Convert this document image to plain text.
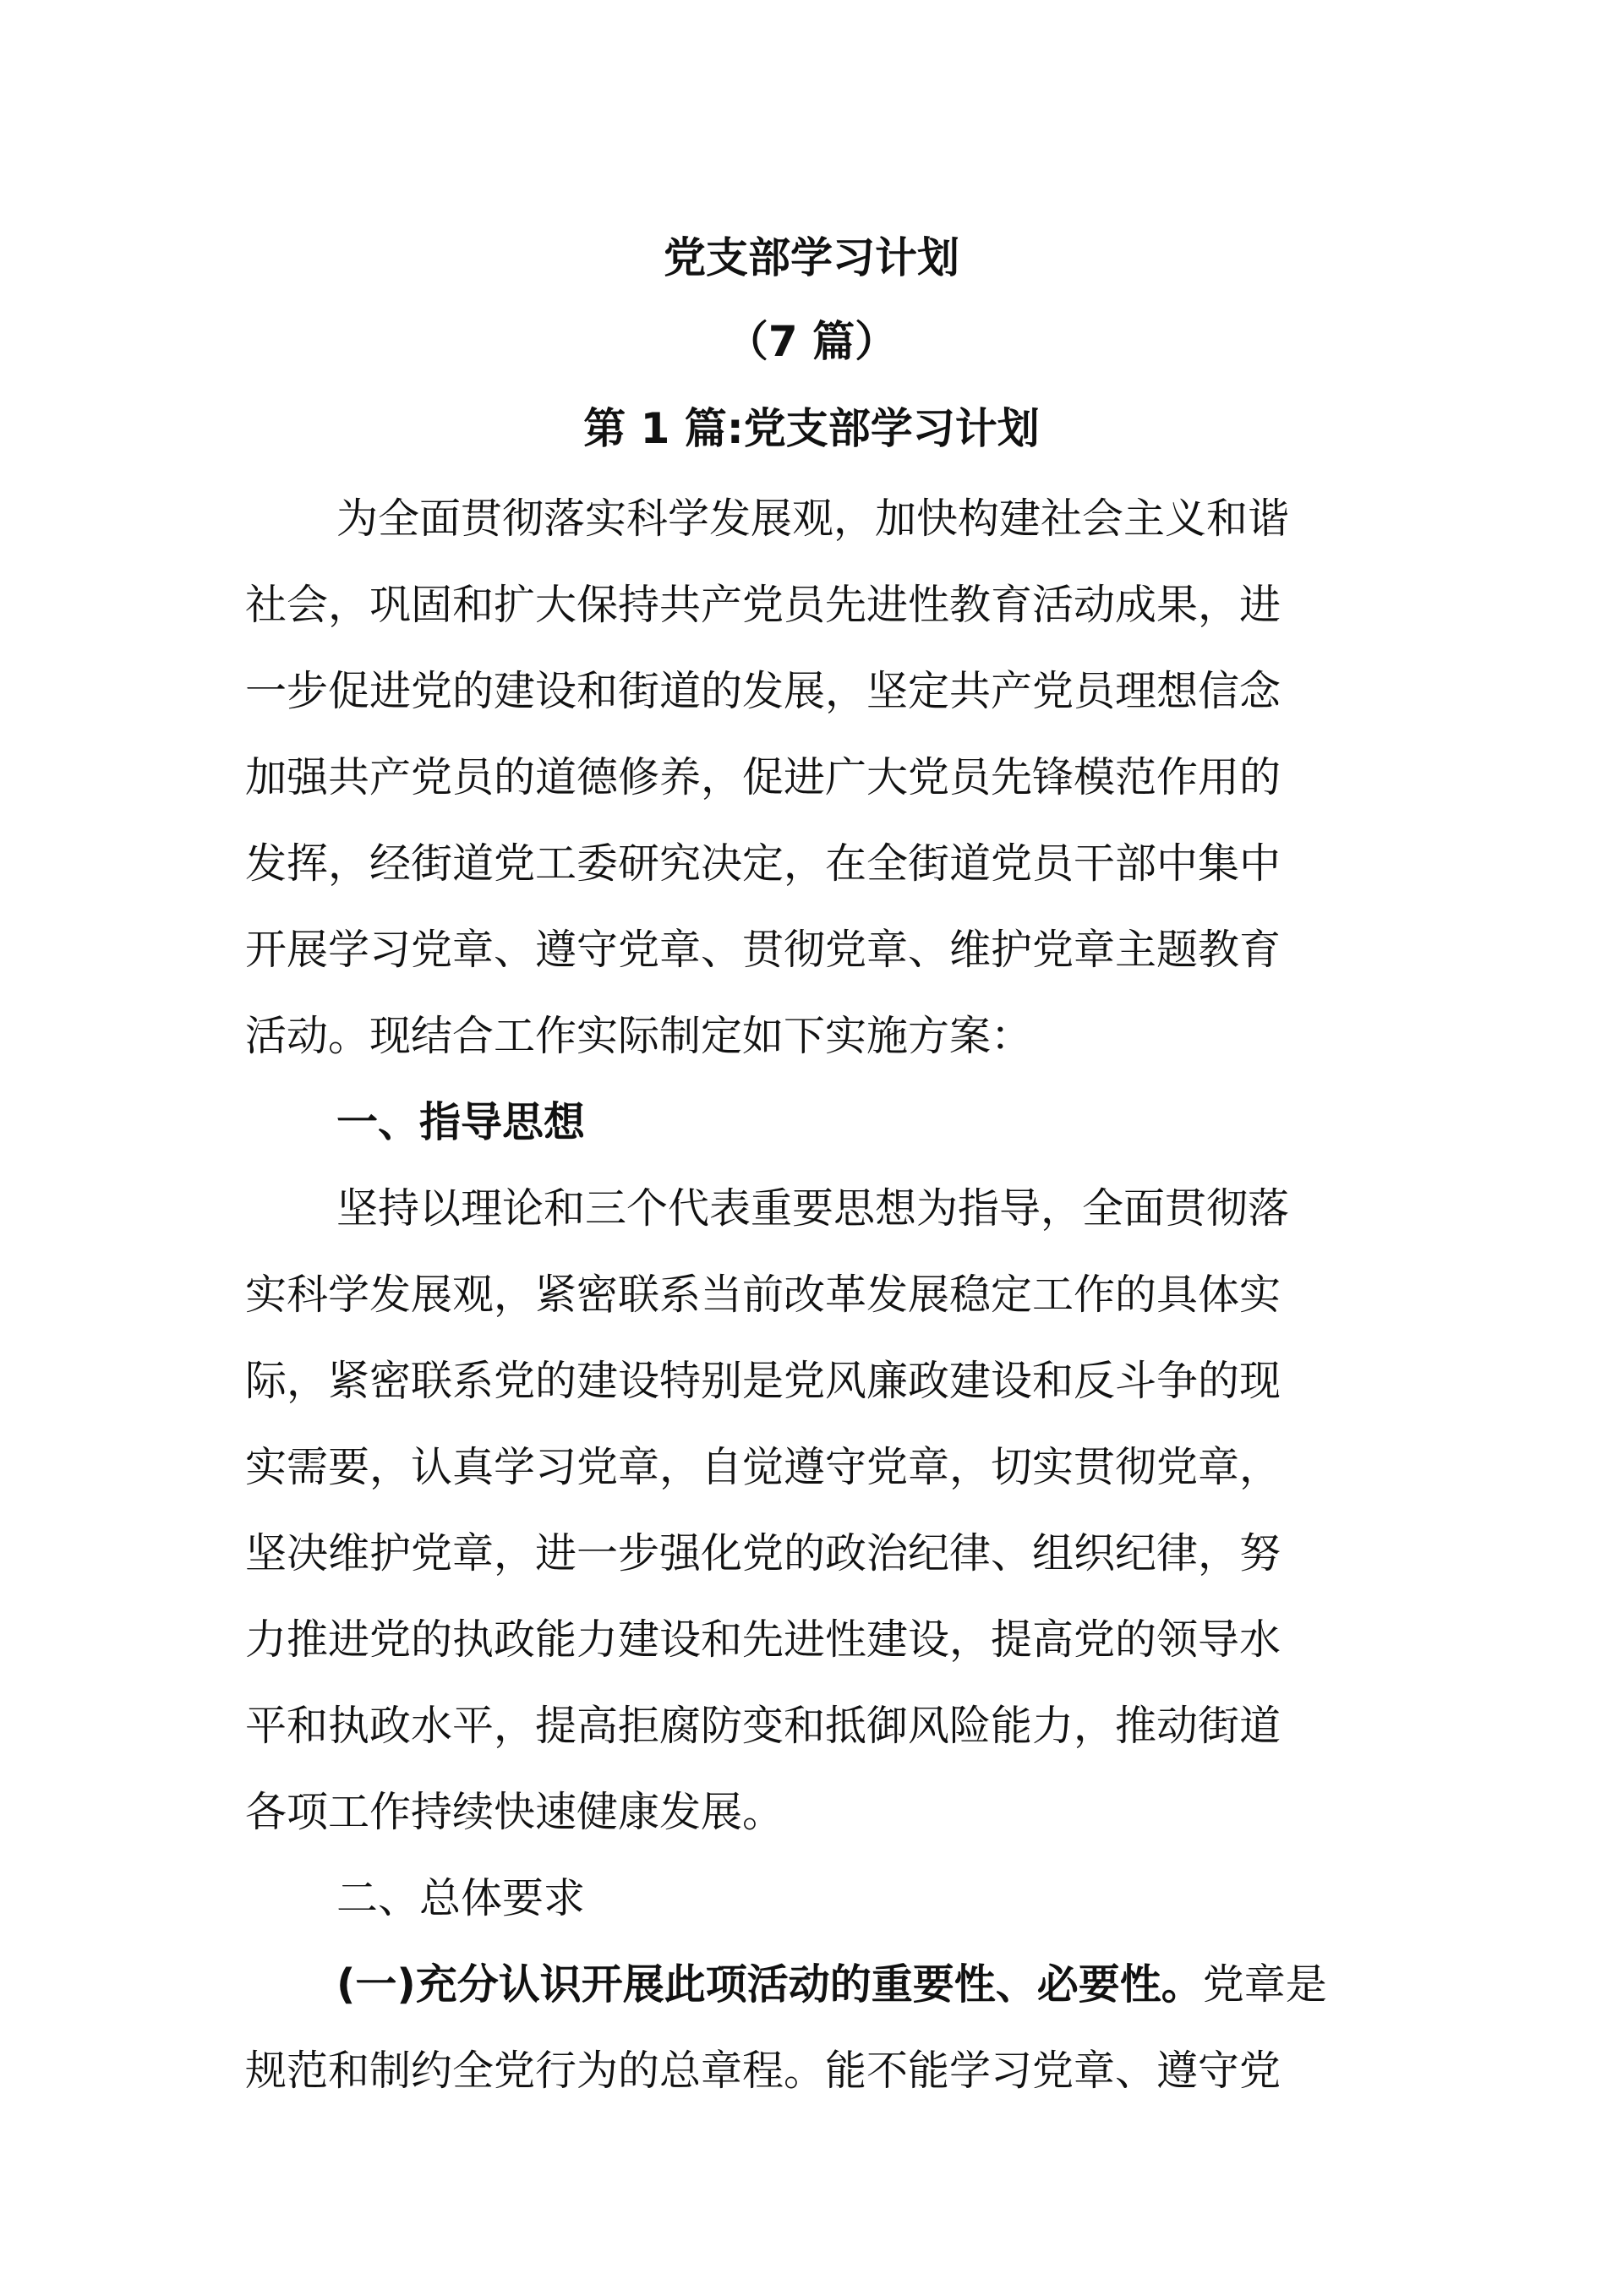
党支部学习计划
（7 篇）
第 1 篇:党支部学习计划
为全面贯彻落实科学发展观，加快构建社会主义和谐
社会，巩固和扩大保持共产党员先进性教育活动成果，进
一步促进党的建设和街道的发展，坚定共产党员理想信念
加强共产党员的道德修养，促进广大党员先锋模范作用的
发挥，经街道党工委研究决定，在全街道党员干部中集中
开展学习党章、遵守党章、贯彻党章、维护党章主题教育
活动。现结合工作实际制定如下实施方案：
一、指导思想
坚持以理论和三个代表重要思想为指导，全面贯彻落
实科学发展观，紧密联系当前改革发展稳定工作的具体实
际，紧密联系党的建设特别是党风廉政建设和反斗争的现
实需要，认真学习党章，自觉遵守党章，切实贯彻党章，
坚决维护党章，进一步强化党的政治纪律、组织纪律，努
力推进党的执政能力建设和先进性建设，提高党的领导水
平和执政水平，提高拒腐防变和抵御风险能力，推动街道
各项工作持续快速健康发展。
二、总体要求
(一)充分认识开展此项活动的重要性、必要性。党章是
规范和制约全党行为的总章程。能不能学习党章、遵守党
